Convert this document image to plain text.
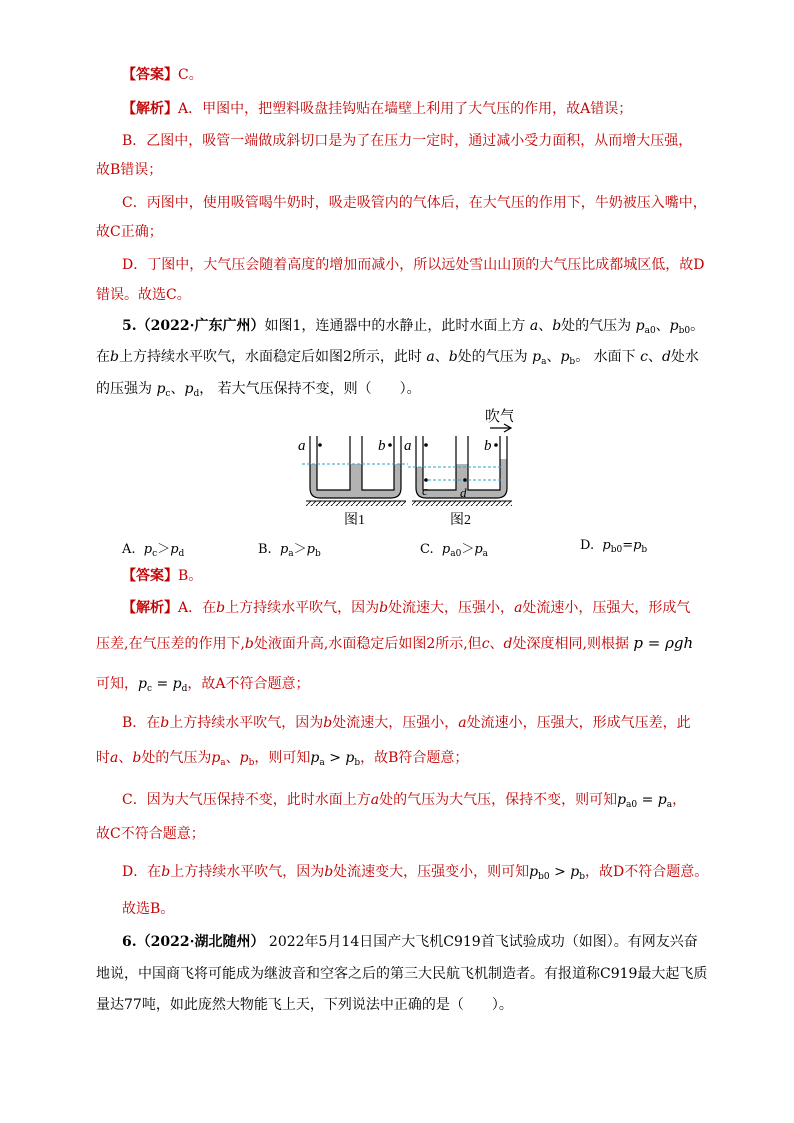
【答案】C。
【解析】A．甲图中，把塑料吸盘挂钩贴在墙壁上利用了大气压的作用，故A错误；
B．乙图中，吸管一端做成斜切口是为了在压力一定时，通过减小受力面积，从而增大压强，
故B错误；
C．丙图中，使用吸管喝牛奶时，吸走吸管内的气体后，在大气压的作用下，牛奶被压入嘴中，
故C正确；
D．丁图中，大气压会随着高度的增加而减小，所以远处雪山山顶的大气压比成都城区低，故D
错误。故选C。
5.（2022·广东广州）如图1，连通器中的水静止，此时水面上方 a、b处的气压为 $p_{a0}$、$p_{b0}$。
在b上方持续水平吹气，水面稳定后如图2所示，此时 a、b处的气压为 $p_a$、$p_b$。 水面下 c、d处水
的压强为 $p_c$、$p_d$， 若大气压保持不变，则（　　）。
a	b
图1
a	b
c d
吹气
图2
A. $p_c>p_d$	B. $p_a>p_b$	C. $p_{a0}>p_a$
D. $p_{b0}=p_b$
【答案】B。
【解析】A．在b上方持续水平吹气，因为b处流速大，压强小，a处流速小，压强大，形成气
压差,在气压差的作用下,b处液面升高,水面稳定后如图2所示,但c、d处深度相同,则根据 p = ρgh
可知，$p_c = p_d$，故A不符合题意；
B．在b上方持续水平吹气，因为b处流速大，压强小，a处流速小，压强大，形成气压差，此
时a、b处的气压为$p_a$、$p_b$，则可知$p_a > p_b$，故B符合题意；
C．因为大气压保持不变，此时水面上方a处的气压为大气压，保持不变，则可知$p_{a0} = p_a$，
故C不符合题意；
D．在b上方持续水平吹气，因为b处流速变大，压强变小，则可知$p_{b0} > p_b$，故D不符合题意。
故选B。
6.（2022·湖北随州） 2022年5月14日国产大飞机C919首飞试验成功（如图）。有网友兴奋
地说，中国商飞将可能成为继波音和空客之后的第三大民航飞机制造者。有报道称C919最大起飞质
量达77吨，如此庞然大物能飞上天，下列说法中正确的是（　　）。
